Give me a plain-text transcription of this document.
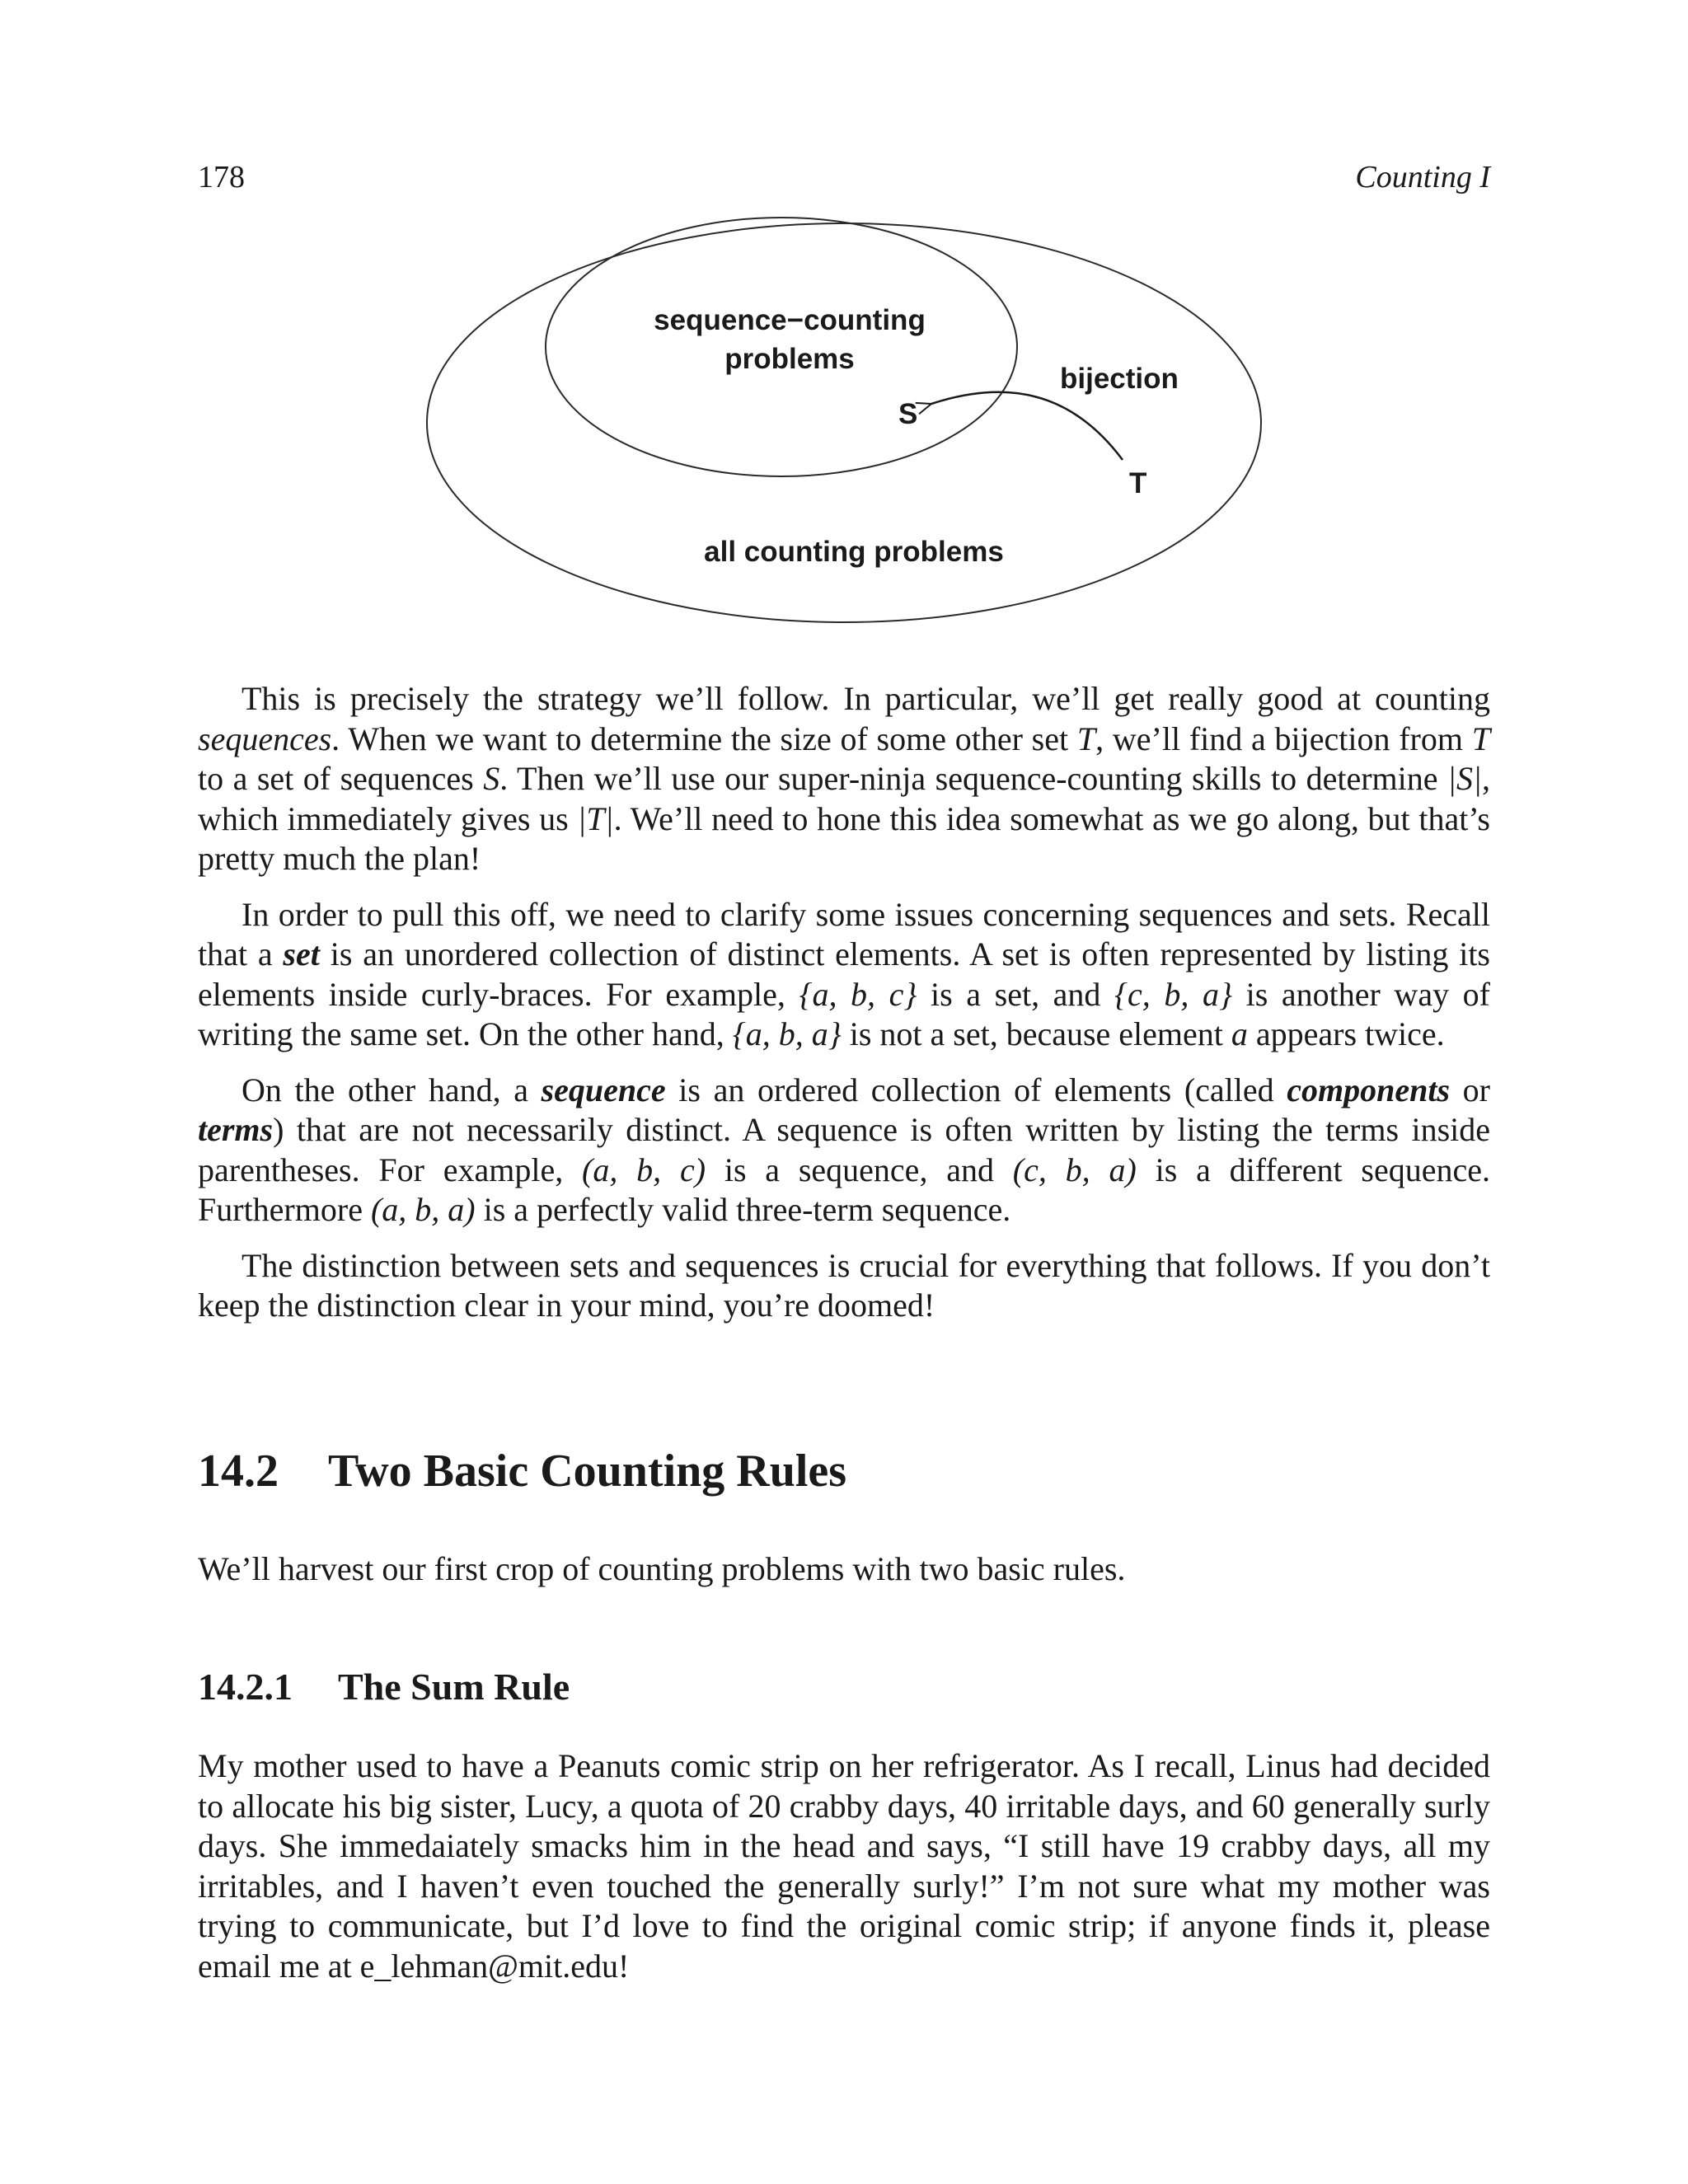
178	Counting I
sequence−counting
problems
bijection
S
T
all counting problems

This is precisely the strategy we’ll follow. In particular, we’ll get really good at counting sequences. When we want to determine the size of some other set T, we’ll find a bijection from T to a set of sequences S. Then we’ll use our super-ninja sequence-counting skills to determine |S|, which immediately gives us |T|. We’ll need to hone this idea somewhat as we go along, but that’s pretty much the plan!

In order to pull this off, we need to clarify some issues concerning sequences and sets. Recall that a set is an unordered collection of distinct elements. A set is often represented by listing its elements inside curly-braces. For example, {a, b, c} is a set, and {c, b, a} is another way of writing the same set. On the other hand, {a, b, a} is not a set, because element a appears twice.

On the other hand, a sequence is an ordered collection of elements (called components or terms) that are not necessarily distinct. A sequence is often written by listing the terms inside parentheses. For example, (a, b, c) is a sequence, and (c, b, a) is a different sequence. Furthermore (a, b, a) is a perfectly valid three-term sequence.

The distinction between sets and sequences is crucial for everything that follows. If you don’t keep the distinction clear in your mind, you’re doomed!

14.2 Two Basic Counting Rules

We’ll harvest our first crop of counting problems with two basic rules.

14.2.1 The Sum Rule

My mother used to have a Peanuts comic strip on her refrigerator. As I recall, Linus had decided to allocate his big sister, Lucy, a quota of 20 crabby days, 40 irritable days, and 60 generally surly days. She immedaiately smacks him in the head and says, “I still have 19 crabby days, all my irritables, and I haven’t even touched the generally surly!” I’m not sure what my mother was trying to communicate, but I’d love to find the original comic strip; if anyone finds it, please email me at e_lehman@mit.edu!
